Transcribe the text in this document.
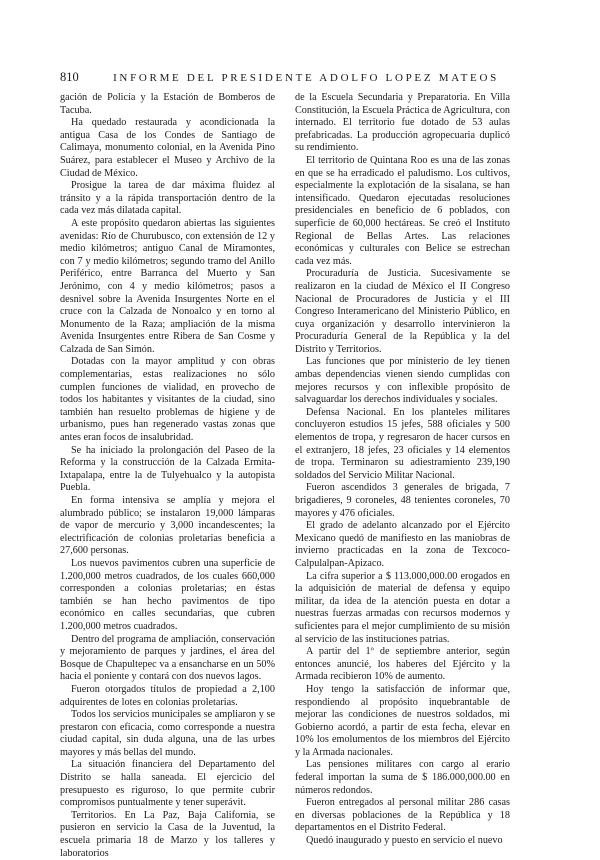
810	INFORME DEL PRESIDENTE ADOLFO LOPEZ MATEOS

gación de Policía y la Estación de Bomberos de Tacuba.

Ha quedado restaurada y acondicionada la antigua Casa de los Condes de Santiago de Calimaya, monumento colonial, en la Avenida Pino Suárez, para establecer el Museo y Archivo de la Ciudad de México.

Prosigue la tarea de dar máxima fluidez al tránsito y a la rápida transportación dentro de la cada vez más dilatada capital.

A este propósito quedaron abiertas las siguientes avenidas: Río de Churubusco, con extensión de 12 y medio kilómetros; antiguo Canal de Miramontes, con 7 y medio kilómetros; segundo tramo del Anillo Periférico, entre Barranca del Muerto y San Jerónimo, con 4 y medio kilómetros; pasos a desnivel sobre la Avenida Insurgentes Norte en el cruce con la Calzada de Nonoalco y en torno al Monumento de la Raza; ampliación de la misma Avenida Insurgentes entre Ribera de San Cosme y Calzada de San Simón.

Dotadas con la mayor amplitud y con obras complementarias, estas realizaciones no sólo cumplen funciones de vialidad, en provecho de todos los habitantes y visitantes de la ciudad, sino también han resuelto problemas de higiene y de urbanismo, pues han regenerado vastas zonas que antes eran focos de insalubridad.

Se ha iniciado la prolongación del Paseo de la Reforma y la construcción de la Calzada Ermita-Ixtapalapa, entre la de Tulyehualco y la autopista Puebla.

En forma intensiva se amplía y mejora el alumbrado público; se instalaron 19,000 lámparas de vapor de mercurio y 3,000 incandescentes; la electrificación de colonias proletarias beneficia a 27,600 personas.

Los nuevos pavimentos cubren una superficie de 1.200,000 metros cuadrados, de los cuales 660,000 corresponden a colonias proletarias; en éstas también se han hecho pavimentos de tipo económico en calles secundarias, que cubren 1.200,000 metros cuadrados.

Dentro del programa de ampliación, conservación y mejoramiento de parques y jardines, el área del Bosque de Chapultepec va a ensancharse en un 50% hacia el poniente y contará con dos nuevos lagos.

Fueron otorgados títulos de propiedad a 2,100 adquirentes de lotes en colonias proletarias.

Todos los servicios municipales se ampliaron y se prestaron con eficacia, como corresponde a nuestra ciudad capital, sin duda alguna, una de las urbes mayores y más bellas del mundo.

La situación financiera del Departamento del Distrito se halla saneada. El ejercicio del presupuesto es riguroso, lo que permite cubrir compromisos puntualmente y tener superávit.

Territorios. En La Paz, Baja California, se pusieron en servicio la Casa de la Juventud, la escuela primaria 18 de Marzo y los talleres y laboratorios

de la Escuela Secundaria y Preparatoria. En Villa Constitución, la Escuela Práctica de Agricultura, con internado. El territorio fue dotado de 53 aulas prefabricadas. La producción agropecuaria duplicó su rendimiento.

El territorio de Quintana Roo es una de las zonas en que se ha erradicado el paludismo. Los cultivos, especialmente la explotación de la sisalana, se han intensificado. Quedaron ejecutadas resoluciones presidenciales en beneficio de 6 poblados, con superficie de 60,000 hectáreas. Se creó el Instituto Regional de Bellas Artes. Las relaciones económicas y culturales con Belice se estrechan cada vez más.

Procuraduría de Justicia. Sucesivamente se realizaron en la ciudad de México el II Congreso Nacional de Procuradores de Justicia y el III Congreso Interamericano del Ministerio Público, en cuya organización y desarrollo intervinieron la Procuraduría General de la República y la del Distrito y Territorios.

Las funciones que por ministerio de ley tienen ambas dependencias vienen siendo cumplidas con mejores recursos y con inflexible propósito de salvaguardar los derechos individuales y sociales.

Defensa Nacional. En los planteles militares concluyeron estudios 15 jefes, 588 oficiales y 500 elementos de tropa, y regresaron de hacer cursos en el extranjero, 18 jefes, 23 oficiales y 14 elementos de tropa. Terminaron su adiestramiento 239,190 soldados del Servicio Militar Nacional.

Fueron ascendidos 3 generales de brigada, 7 brigadieres, 9 coroneles, 48 tenientes coroneles, 70 mayores y 476 oficiales.

El grado de adelanto alcanzado por el Ejército Mexicano quedó de manifiesto en las maniobras de invierno practicadas en la zona de Texcoco-Calpulalpan-Apizaco.

La cifra superior a $ 113.000,000.00 erogados en la adquisición de material de defensa y equipo militar, da idea de la atención puesta en dotar a nuestras fuerzas armadas con recursos modernos y suficientes para el mejor cumplimiento de su misión al servicio de las instituciones patrias.

A partir del 1º de septiembre anterior, según entonces anuncié, los haberes del Ejército y la Armada recibieron 10% de aumento.

Hoy tengo la satisfacción de informar que, respondiendo al propósito inquebrantable de mejorar las condiciones de nuestros soldados, mi Gobierno acordó, a partir de esta fecha, elevar en 10% los emolumentos de los miembros del Ejército y la Armada nacionales.

Las pensiones militares con cargo al erario federal importan la suma de $ 186.000,000.00 en números redondos.

Fueron entregados al personal militar 286 casas en diversas poblaciones de la República y 18 departamentos en el Distrito Federal.

Quedó inaugurado y puesto en servicio el nuevo
